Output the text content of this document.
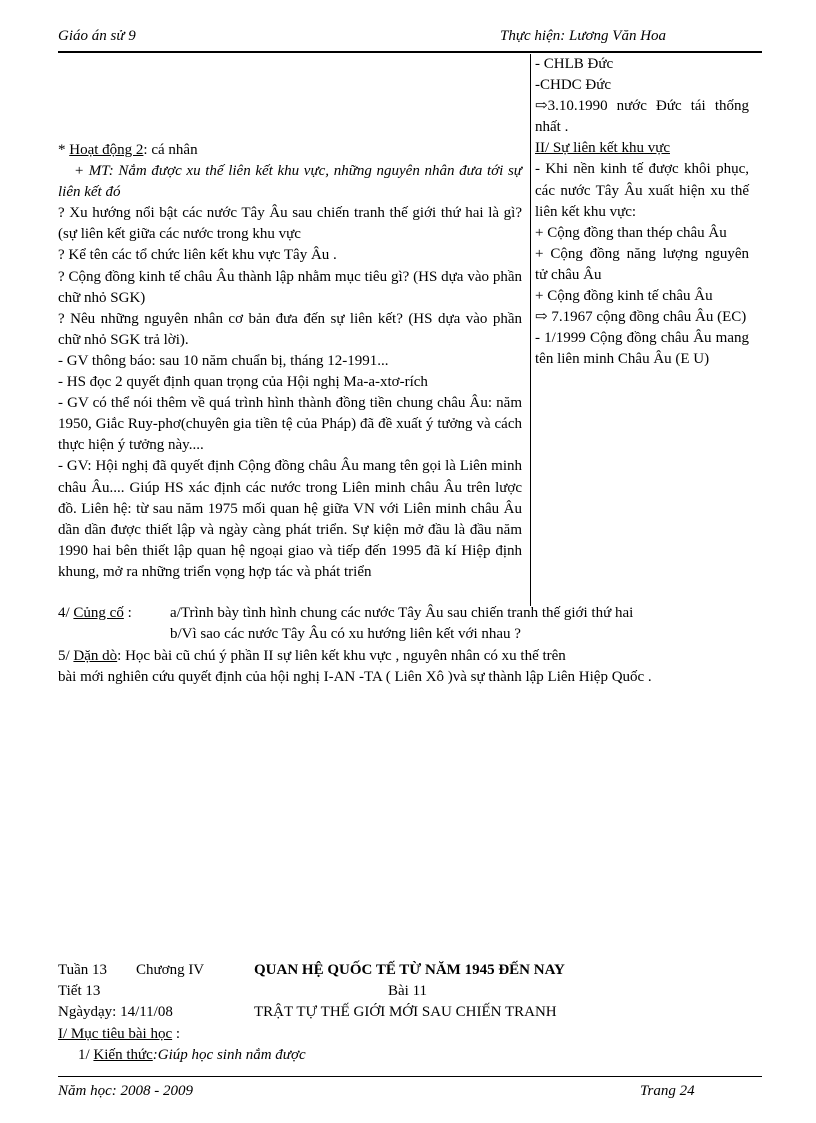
Giáo án sử 9	Thực hiện: Lương Văn Hoa

- CHLB Đức

-CHDC Đức

⇨3.10.1990 nước Đức tái thống nhất .

II/ Sự liên kết khu vực

- Khi nền kinh tế được khôi phục, các nước Tây Âu xuất hiện xu thế liên kết khu vực:

+ Cộng đồng than thép châu Âu

+ Cộng đồng năng lượng nguyên tử châu Âu

+ Cộng đồng kinh tế châu Âu

⇨ 7.1967 cộng đồng châu Âu (EC)

- 1/1999 Cộng đồng châu Âu mang tên liên minh Châu Âu (E U)

* Hoạt động 2: cá nhân

+ MT: Nắm được xu thế liên kết khu vực, những nguyên nhân đưa tới sự liên kết đó

? Xu hướng nổi bật các nước Tây Âu sau chiến tranh thế giới thứ hai là gì?(sự liên kết giữa các nước trong khu vực

? Kể tên các tổ chức liên kết khu vực Tây Âu .

? Cộng đồng kinh tế châu Âu thành lập nhằm mục tiêu gì? (HS dựa vào phần chữ nhỏ SGK)

? Nêu những nguyên nhân cơ bản đưa đến sự liên kết? (HS dựa vào phần chữ nhỏ SGK trả lời).

- GV thông báo: sau 10 năm chuẩn bị, tháng 12-1991...

- HS đọc 2 quyết định quan trọng của Hội nghị Ma-a-xtơ-rích

- GV có thể nói thêm về quá trình hình thành đồng tiền chung châu Âu: năm 1950, Giắc Ruy-phơ(chuyên gia tiền tệ của Pháp) đã đề xuất ý tưởng và cách thực hiện ý tưởng này....

- GV: Hội nghị đã quyết định Cộng đồng châu Âu mang tên gọi là Liên minh châu Âu.... Giúp HS xác định các nước trong Liên minh châu Âu trên lược đồ. Liên hệ: từ sau năm 1975 mối quan hệ giữa VN với Liên minh châu Âu dần dần được thiết lập và ngày càng phát triển. Sự kiện mở đầu là đầu năm 1990 hai bên thiết lập quan hệ ngoại giao và tiếp đến 1995 đã kí Hiệp định khung, mở ra những triển vọng hợp tác và phát triển

4/ Củng cố :	a/Trình bày tình hình chung các nước Tây Âu sau chiến tranh thế giới thứ hai
b/Vì sao các nước Tây Âu có xu hướng liên kết với nhau ?
5/ Dặn dò: Học bài cũ chú ý phần II sự liên kết khu vực , nguyên nhân có xu thế trên
bài mới nghiên cứu quyết định của hội nghị I-AN -TA ( Liên Xô )và sự thành lập Liên Hiệp Quốc .
Tuần 13 Chương IV	QUAN HỆ QUỐC TẾ TỪ NĂM 1945 ĐẾN NAY
Tiết 13	Bài 11
Ngàydạy: 14/11/08	TRẬT TỰ THẾ GIỚI MỚI SAU CHIẾN TRANH
I/ Mục tiêu bài học :
1/ Kiến thức:Giúp học sinh nắm được
Năm học: 2008 - 2009	Trang 24
